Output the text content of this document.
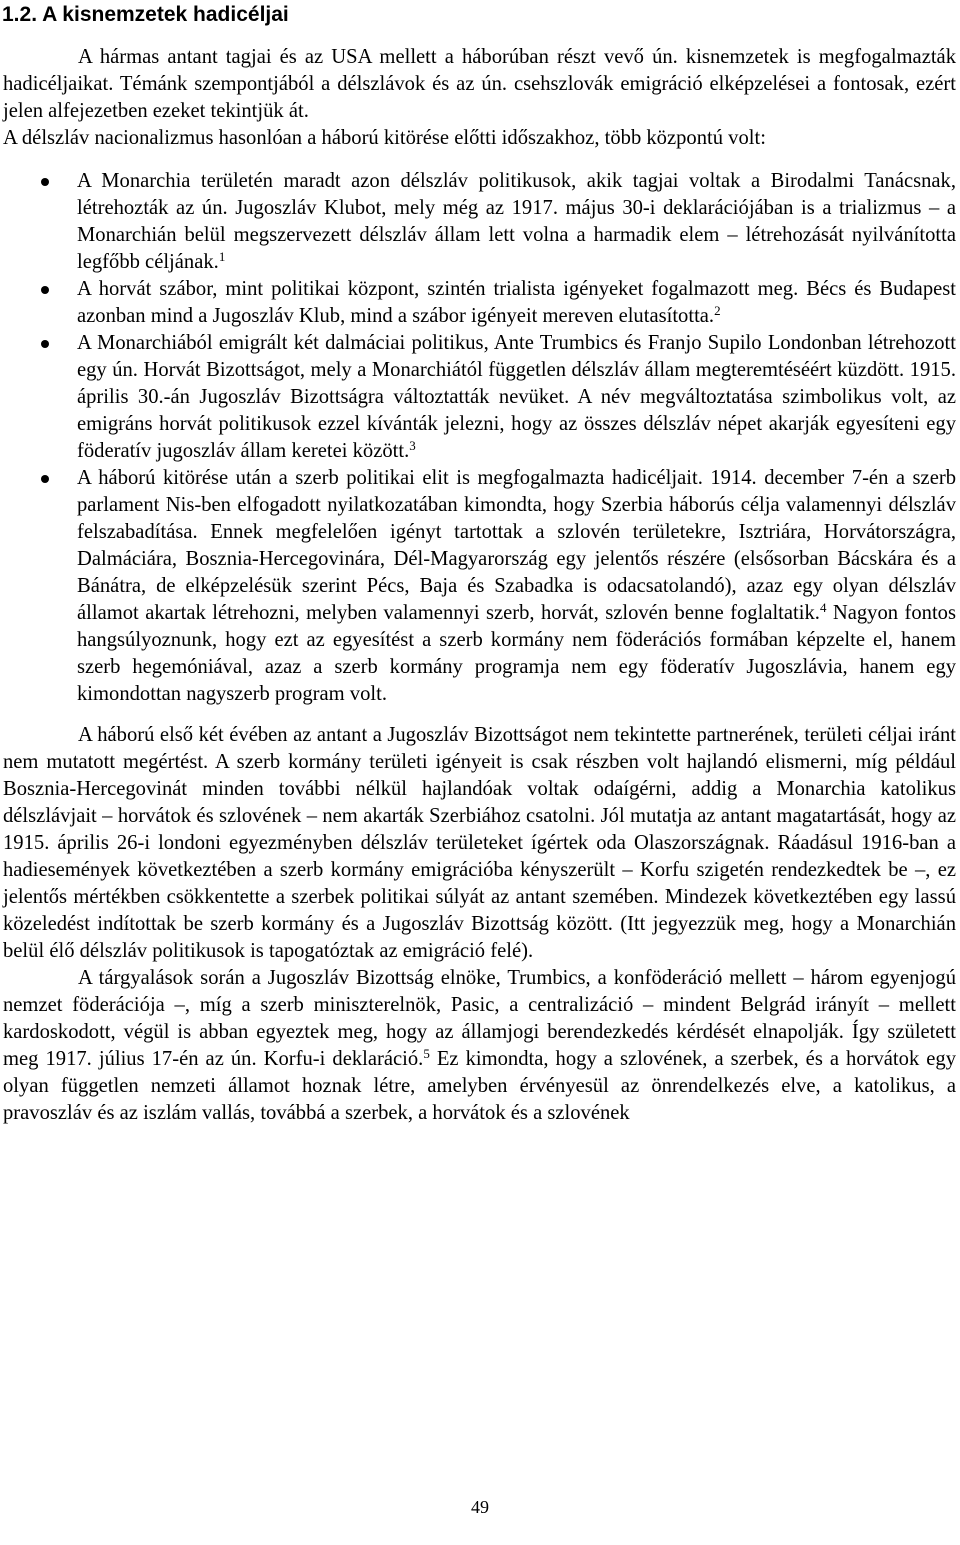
1.2. A kisnemzetek hadicéljai

A hármas antant tagjai és az USA mellett a háborúban részt vevő ún. kisnemzetek is megfogalmazták hadicéljaikat. Témánk szempontjából a délszlávok és az ún. csehszlovák emigráció elképzelései a fontosak, ezért jelen alfejezetben ezeket tekintjük át.

A délszláv nacionalizmus hasonlóan a háború kitörése előtti időszakhoz, több központú volt:

A Monarchia területén maradt azon délszláv politikusok, akik tagjai voltak a Birodalmi Tanácsnak, létrehozták az ún. Jugoszláv Klubot, mely még az 1917. május 30-i deklarációjában is a trializmus – a Monarchián belül megszervezett délszláv állam lett volna a harmadik elem – létrehozását nyilvánította legfőbb céljának.$^1$
A horvát szábor, mint politikai központ, szintén trialista igényeket fogalmazott meg. Bécs és Budapest azonban mind a Jugoszláv Klub, mind a szábor igényeit mereven elutasította.$^2$
A Monarchiából emigrált két dalmáciai politikus, Ante Trumbics és Franjo Supilo Londonban létrehozott egy ún. Horvát Bizottságot, mely a Monarchiától független délszláv állam megteremtéséért küzdött. 1915. április 30.-án Jugoszláv Bizottságra változtatták nevüket. A név megváltoztatása szimbolikus volt, az emigráns horvát politikusok ezzel kívánták jelezni, hogy az összes délszláv népet akarják egyesíteni egy föderatív jugoszláv állam keretei között.$^3$
A háború kitörése után a szerb politikai elit is megfogalmazta hadicéljait. 1914. december 7-én a szerb parlament Nis-ben elfogadott nyilatkozatában kimondta, hogy Szerbia háborús célja valamennyi délszláv felszabadítása. Ennek megfelelően igényt tartottak a szlovén területekre, Isztriára, Horvátországra, Dalmáciára, Bosznia-Hercegovinára, Dél-Magyarország egy jelentős részére (elsősorban Bácskára és a Bánátra, de elképzelésük szerint Pécs, Baja és Szabadka is odacsatolandó), azaz egy olyan délszláv államot akartak létrehozni, melyben valamennyi szerb, horvát, szlovén benne foglaltatik.$^4$ Nagyon fontos hangsúlyoznunk, hogy ezt az egyesítést a szerb kormány nem föderációs formában képzelte el, hanem szerb hegemóniával, azaz a szerb kormány programja nem egy föderatív Jugoszlávia, hanem egy kimondottan nagyszerb program volt.

A háború első két évében az antant a Jugoszláv Bizottságot nem tekintette partnerének, területi céljai iránt nem mutatott megértést. A szerb kormány területi igényeit is csak részben volt hajlandó elismerni, míg például Bosznia-Hercegovinát minden további nélkül hajlandóak voltak odaígérni, addig a Monarchia katolikus délszlávjait – horvátok és szlovének – nem akarták Szerbiához csatolni. Jól mutatja az antant magatartását, hogy az 1915. április 26-i londoni egyezményben délszláv területeket ígértek oda Olaszországnak. Ráadásul 1916-ban a hadiesemények következtében a szerb kormány emigrációba kényszerült – Korfu szigetén rendezkedtek be –, ez jelentős mértékben csökkentette a szerbek politikai súlyát az antant szemében. Mindezek következtében egy lassú közeledést indítottak be szerb kormány és a Jugoszláv Bizottság között. (Itt jegyezzük meg, hogy a Monarchián belül élő délszláv politikusok is tapogatóztak az emigráció felé).

A tárgyalások során a Jugoszláv Bizottság elnöke, Trumbics, a konföderáció mellett – három egyenjogú nemzet föderációja –, míg a szerb miniszterelnök, Pasic, a centralizáció – mindent Belgrád irányít – mellett kardoskodott, végül is abban egyeztek meg, hogy az államjogi berendezkedés kérdését elnapolják. Így született meg 1917. július 17-én az ún. Korfu-i deklaráció.$^5$ Ez kimondta, hogy a szlovének, a szerbek, és a horvátok egy olyan független nemzeti államot hoznak létre, amelyben érvényesül az önrendelkezés elve, a katolikus, a pravoszláv és az iszlám vallás, továbbá a szerbek, a horvátok és a szlovének

49
